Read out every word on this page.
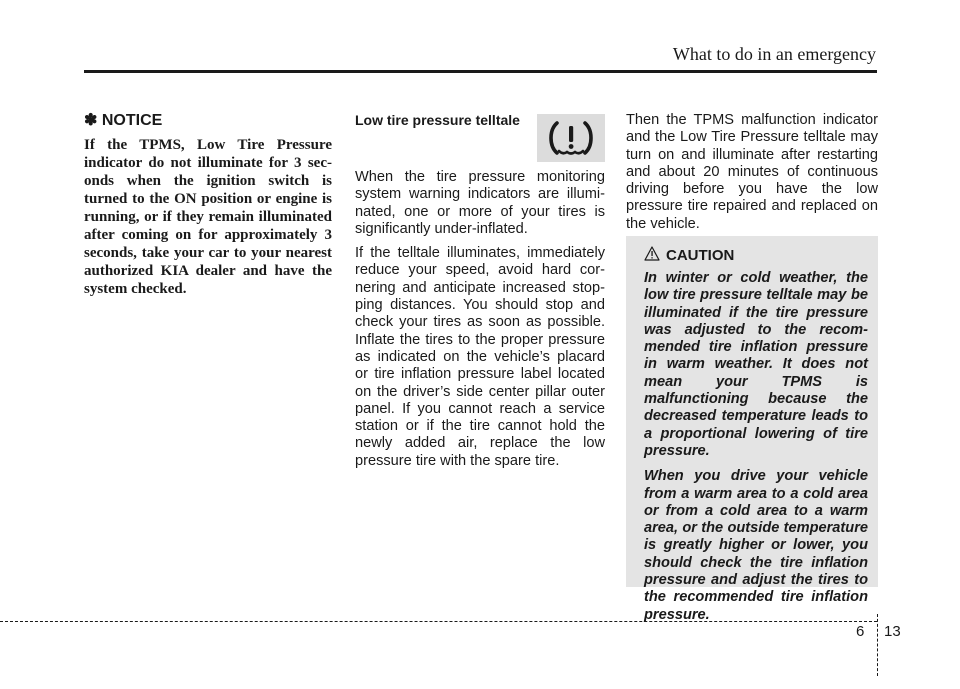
What to do in an emergency

✽ NOTICE

If the TPMS, Low Tire Pressure indicator do not illuminate for 3 seconds when the ignition switch is turned to the ON position or engine is running, or if they remain illuminated after coming on for approximately 3 seconds, take your car to your nearest authorized KIA dealer and have the system checked.

Low tire pressure telltale

When the tire pressure monitoring system warning indicators are illuminated, one or more of your tires is significantly under-inflated.

If the telltale illuminates, immediately reduce your speed, avoid hard cornering and anticipate increased stopping distances. You should stop and check your tires as soon as possible. Inflate the tires to the proper pressure as indicated on the vehicle’s placard or tire inflation pressure label located on the driver’s side center pillar outer panel. If you cannot reach a service station or if the tire cannot hold the newly added air, replace the low pressure tire with the spare tire.

Then the TPMS malfunction indicator and the Low Tire Pressure telltale may turn on and illuminate after restarting and about 20 minutes of continuous driving before you have the low pressure tire repaired and replaced on the vehicle.

CAUTION

In winter or cold weather, the low tire pressure telltale may be illuminated if the tire pressure was adjusted to the recommended tire inflation pressure in warm weather. It does not mean your TPMS is malfunctioning because the decreased temperature leads to a proportional lowering of tire pressure.

When you drive your vehicle from a warm area to a cold area or from a cold area to a warm area, or the outside temperature is greatly higher or lower, you should check the tire inflation pressure and adjust the tires to the recommended tire inflation pressure.

6 13
